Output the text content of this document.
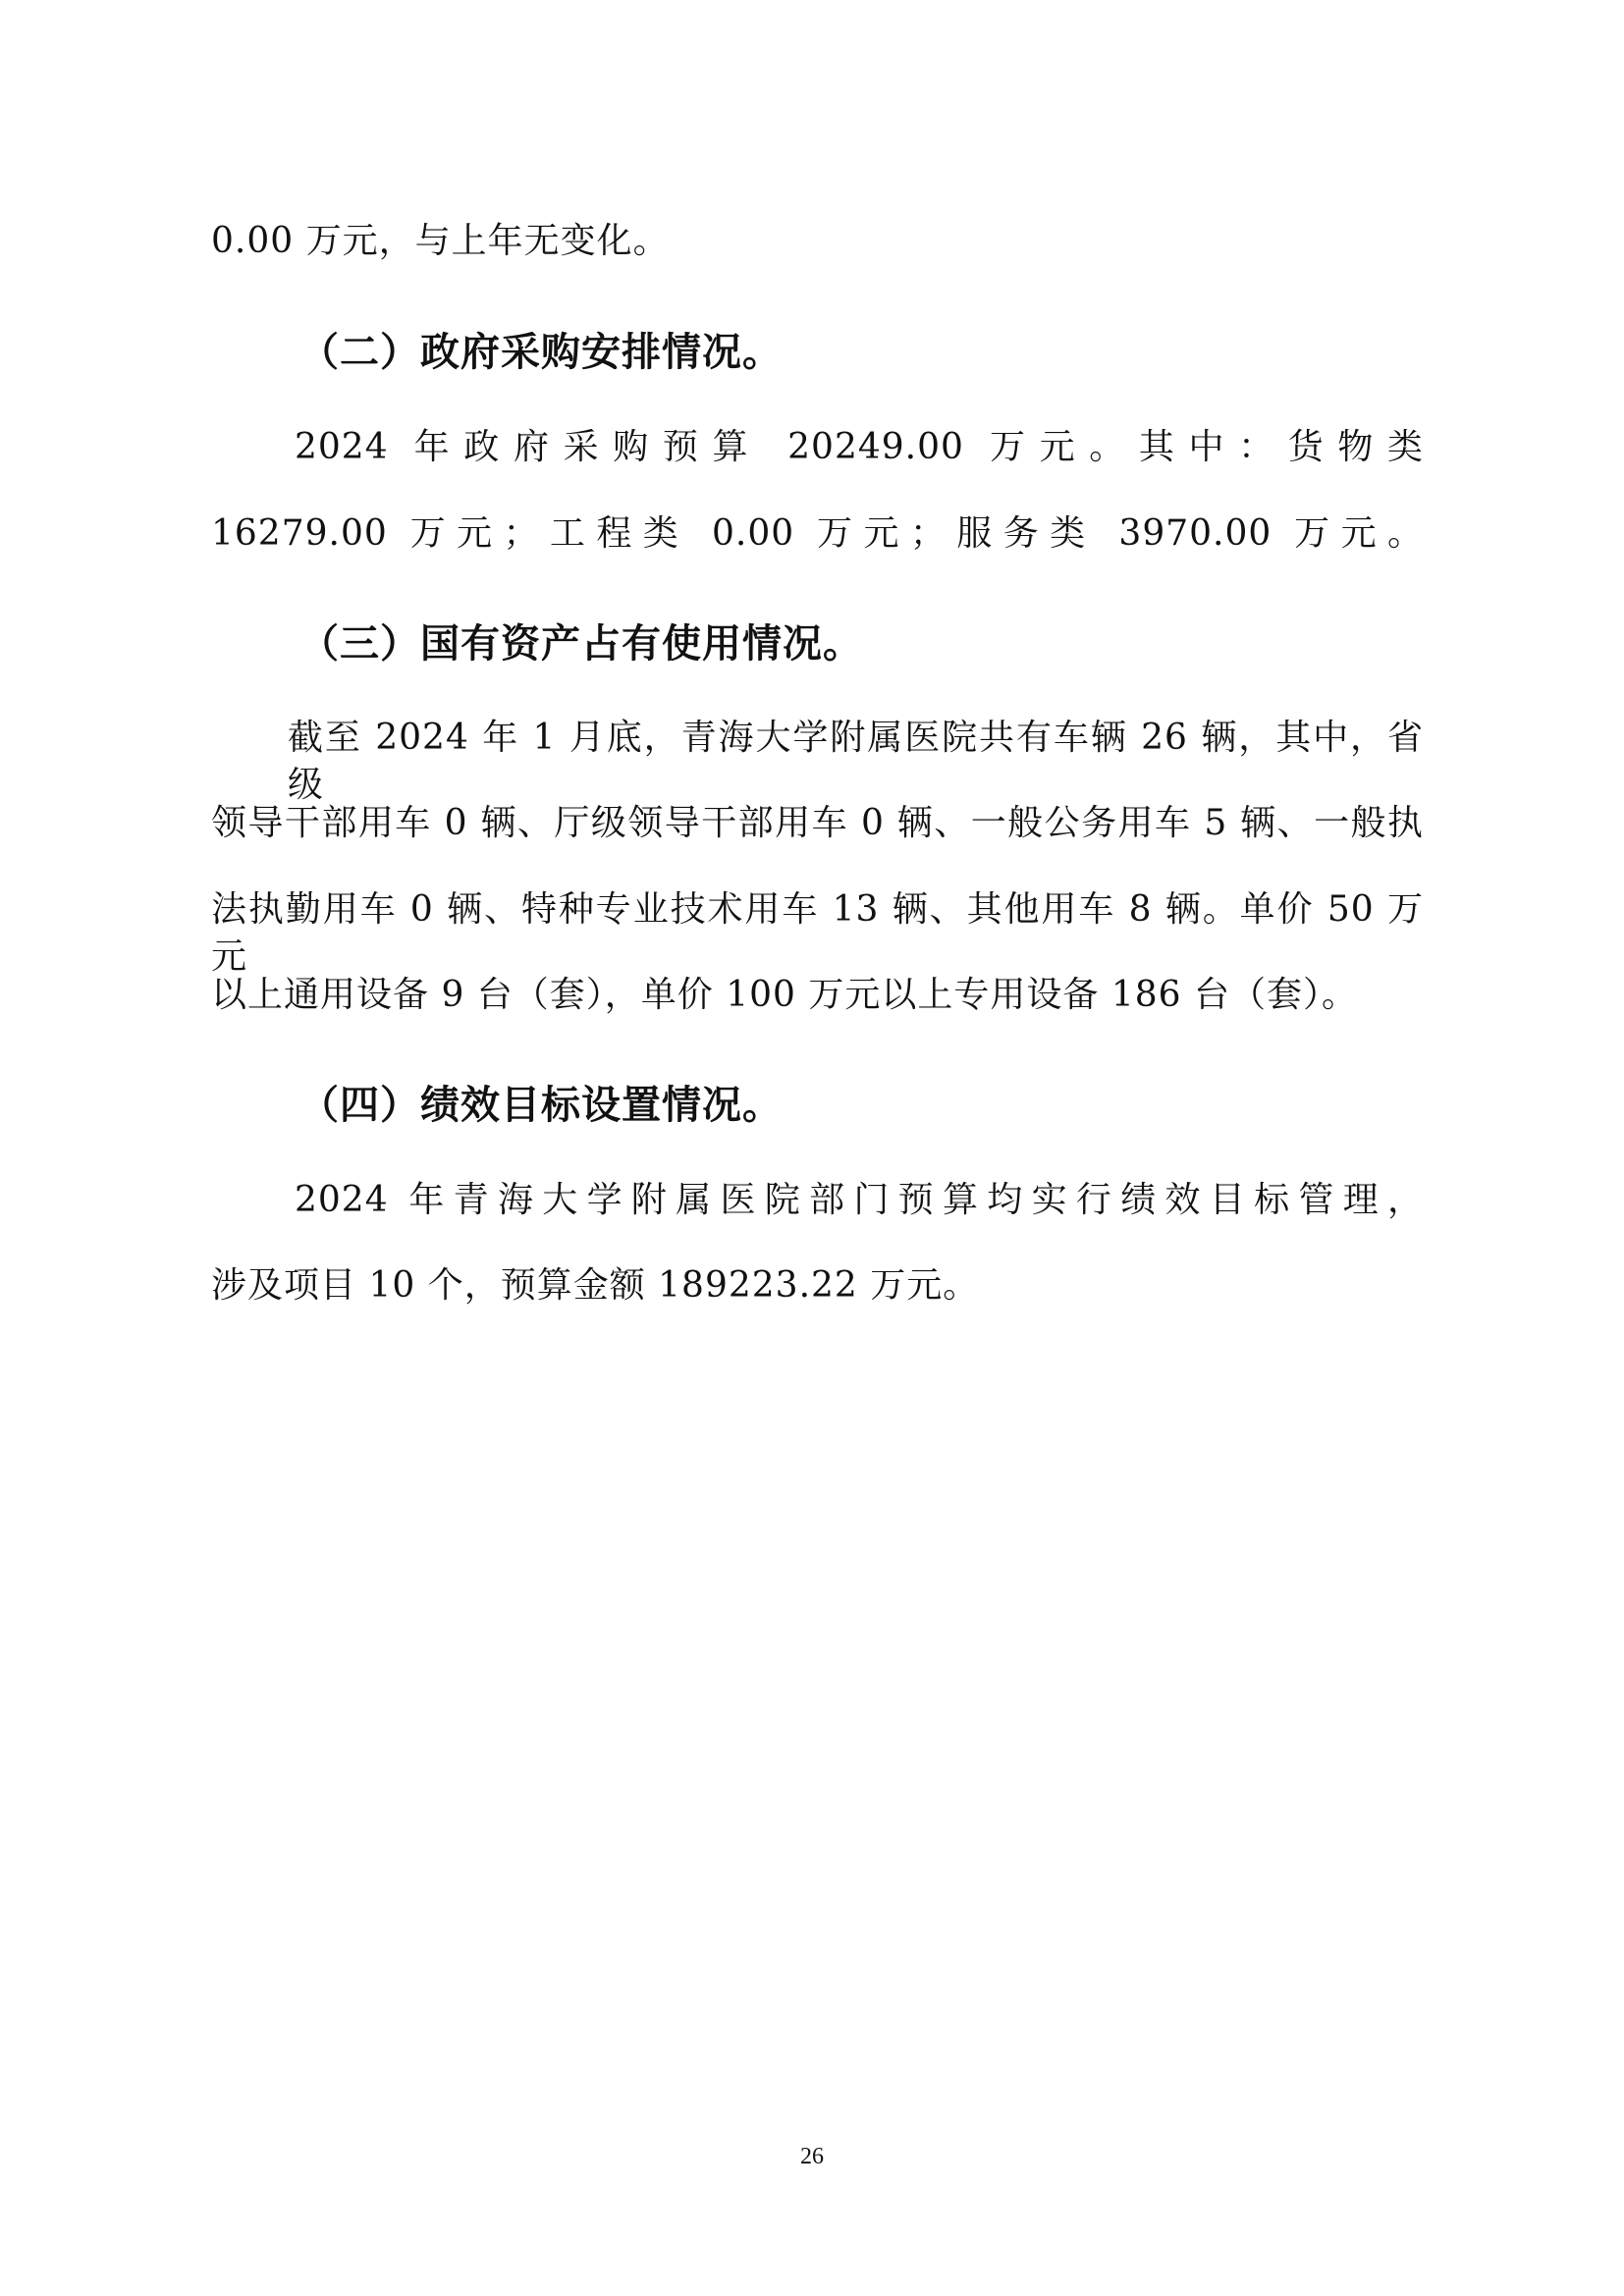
0.00 万元，与上年无变化。
（二）政府采购安排情况。
2024 年政府采购预算 20249.00 万元。其中：货物类
16279.00 万元；工程类 0.00 万元；服务类 3970.00 万元。
（三）国有资产占有使用情况。
截至 2024 年 1 月底，青海大学附属医院共有车辆 26 辆，其中，省级
领导干部用车 0 辆、厅级领导干部用车 0 辆、一般公务用车 5 辆、一般执
法执勤用车 0 辆、特种专业技术用车 13 辆、其他用车 8 辆。单价 50 万元
以上通用设备 9 台（套），单价 100 万元以上专用设备 186 台（套）。
（四）绩效目标设置情况。
2024 年青海大学附属医院部门预算均实行绩效目标管理，
涉及项目 10 个，预算金额 189223.22 万元。
26
